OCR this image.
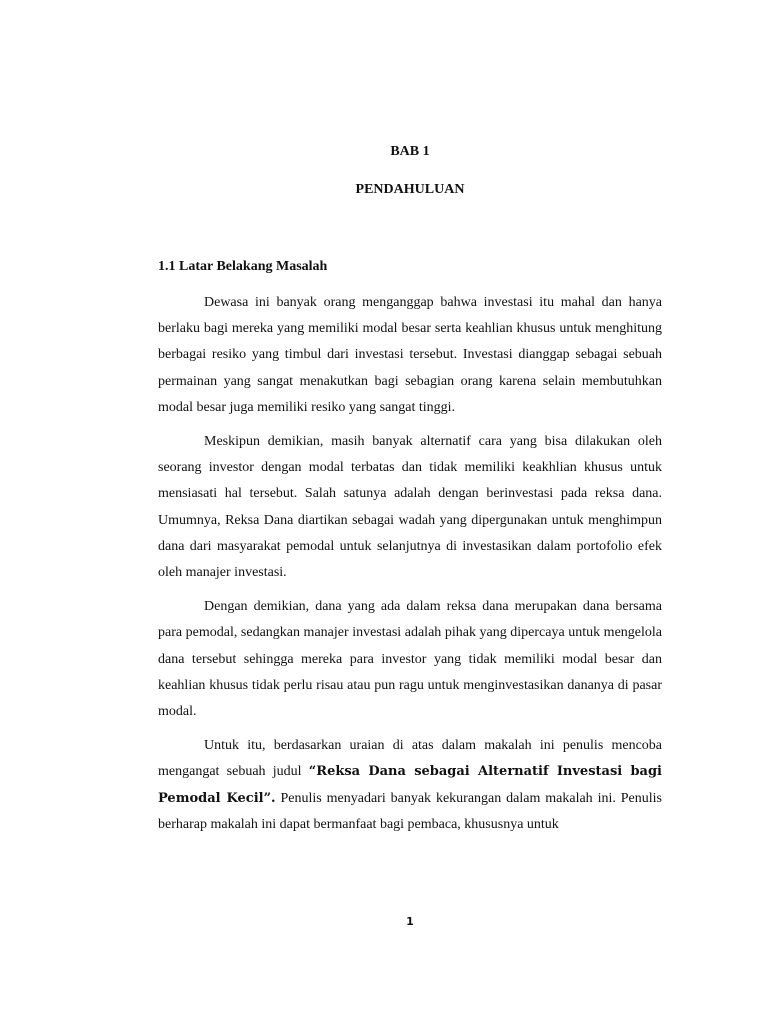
BAB 1
PENDAHULUAN
1.1 Latar Belakang Masalah

Dewasa ini banyak orang menganggap bahwa investasi itu mahal dan hanya berlaku bagi mereka yang memiliki modal besar serta keahlian khusus untuk menghitung berbagai resiko yang timbul dari investasi tersebut. Investasi dianggap sebagai sebuah permainan yang sangat menakutkan bagi sebagian orang karena selain membutuhkan modal besar juga memiliki resiko yang sangat tinggi.

Meskipun demikian, masih banyak alternatif cara yang bisa dilakukan oleh seorang investor dengan modal terbatas dan tidak memiliki keakhlian khusus untuk mensiasati hal tersebut. Salah satunya adalah dengan berinvestasi pada reksa dana. Umumnya, Reksa Dana diartikan sebagai wadah yang dipergunakan untuk menghimpun dana dari masyarakat pemodal untuk selanjutnya di investasikan dalam portofolio efek oleh manajer investasi.

Dengan demikian, dana yang ada dalam reksa dana merupakan dana bersama para pemodal, sedangkan manajer investasi adalah pihak yang dipercaya untuk mengelola dana tersebut sehingga mereka para investor yang tidak memiliki modal besar dan keahlian khusus tidak perlu risau atau pun ragu untuk menginvestasikan dananya di pasar modal.

Untuk itu, berdasarkan uraian di atas dalam makalah ini penulis mencoba mengangat sebuah judul “Reksa Dana sebagai Alternatif Investasi bagi Pemodal Kecil”. Penulis menyadari banyak kekurangan dalam makalah ini. Penulis berharap makalah ini dapat bermanfaat bagi pembaca, khususnya untuk

1
